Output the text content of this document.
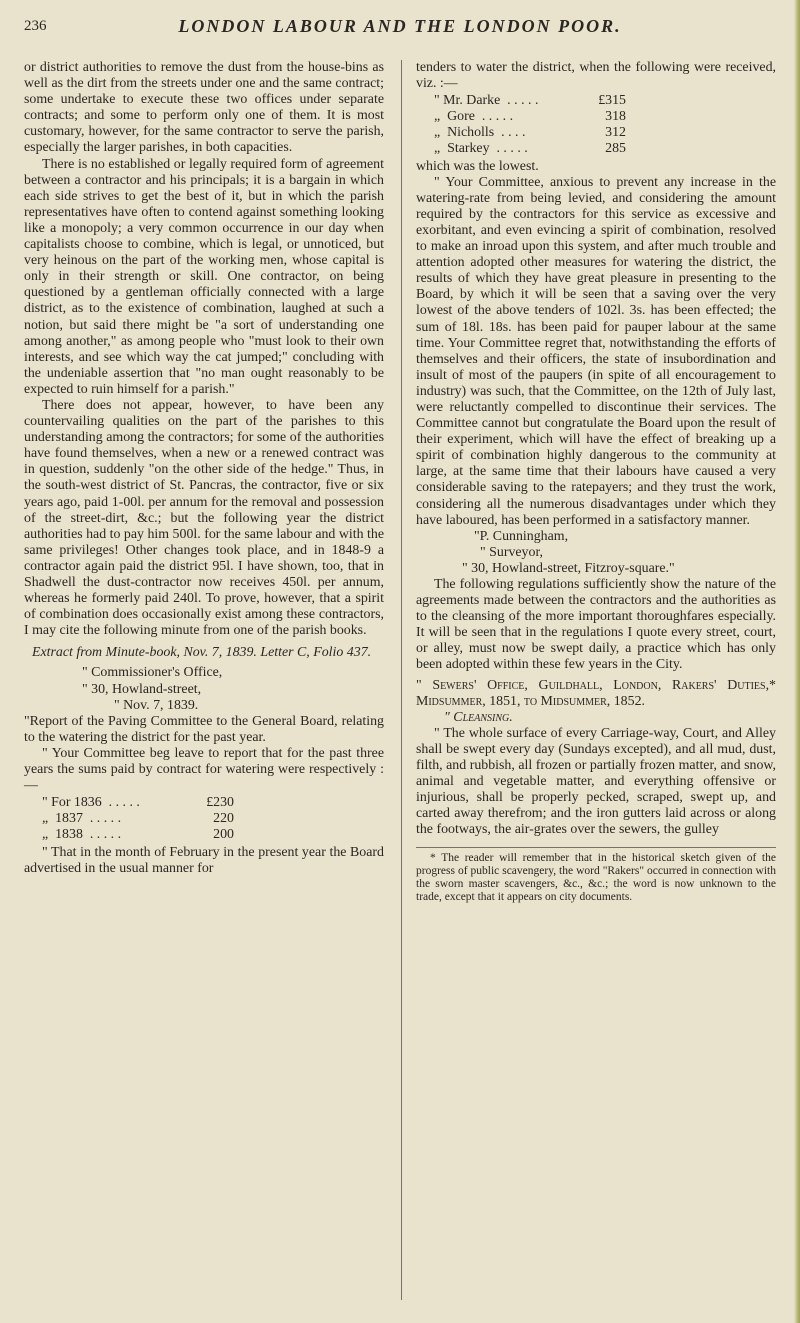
236	LONDON LABOUR AND THE LONDON POOR.

or district authorities to remove the dust from the house-bins as well as the dirt from the streets under one and the same contract; some undertake to execute these two offices under separate contracts; and some to perform only one of them. It is most customary, however, for the same contractor to serve the parish, especially the larger parishes, in both capacities.

There is no established or legally required form of agreement between a contractor and his principals; it is a bargain in which each side strives to get the best of it, but in which the parish representatives have often to contend against something looking like a monopoly; a very common occurrence in our day when capitalists choose to combine, which is legal, or unnoticed, but very heinous on the part of the working men, whose capital is only in their strength or skill. One contractor, on being questioned by a gentleman officially connected with a large district, as to the existence of combination, laughed at such a notion, but said there might be "a sort of understanding one among another," as among people who "must look to their own interests, and see which way the cat jumped;" concluding with the undeniable assertion that "no man ought reasonably to be expected to ruin himself for a parish."

There does not appear, however, to have been any countervailing qualities on the part of the parishes to this understanding among the contractors; for some of the authorities have found themselves, when a new or a renewed contract was in question, suddenly "on the other side of the hedge." Thus, in the south-west district of St. Pancras, the contractor, five or six years ago, paid 1-00l. per annum for the removal and possession of the street-dirt, &c.; but the following year the district authorities had to pay him 500l. for the same labour and with the same privileges! Other changes took place, and in 1848-9 a contractor again paid the district 95l. I have shown, too, that in Shadwell the dust-contractor now receives 450l. per annum, whereas he formerly paid 240l. To prove, however, that a spirit of combination does occasionally exist among these contractors, I may cite the following minute from one of the parish books.

Extract from Minute-book, Nov. 7, 1839. Letter C, Folio 437.

" Commissioner's Office,
" 30, Howland-street,
" Nov. 7, 1839.

"Report of the Paving Committee to the General Board, relating to the watering the district for the past year.

" Your Committee beg leave to report that for the past three years the sums paid by contract for watering were respectively :—

" For 1836  . . . . .	£230
„  1837  . . . . .	220
„  1838  . . . . .	200

" That in the month of February in the present year the Board advertised in the usual manner for

tenders to water the district, when the following were received, viz. :—

" Mr. Darke  . . . . .	£315
„  Gore  . . . . .	318
„  Nicholls  . . . .	312
„  Starkey  . . . . .	285

which was the lowest.

" Your Committee, anxious to prevent any increase in the watering-rate from being levied, and considering the amount required by the contractors for this service as excessive and exorbitant, and even evincing a spirit of combination, resolved to make an inroad upon this system, and after much trouble and attention adopted other measures for watering the district, the results of which they have great pleasure in presenting to the Board, by which it will be seen that a saving over the very lowest of the above tenders of 102l. 3s. has been effected; the sum of 18l. 18s. has been paid for pauper labour at the same time. Your Committee regret that, notwithstanding the efforts of themselves and their officers, the state of insubordination and insult of most of the paupers (in spite of all encouragement to industry) was such, that the Committee, on the 12th of July last, were reluctantly compelled to discontinue their services. The Committee cannot but congratulate the Board upon the result of their experiment, which will have the effect of breaking up a spirit of combination highly dangerous to the community at large, at the same time that their labours have caused a very considerable saving to the ratepayers; and they trust the work, considering all the numerous disadvantages under which they have laboured, has been performed in a satisfactory manner.

"P. Cunningham,
" Surveyor,
" 30, Howland-street, Fitzroy-square."

The following regulations sufficiently show the nature of the agreements made between the contractors and the authorities as to the cleansing of the more important thoroughfares especially. It will be seen that in the regulations I quote every street, court, or alley, must now be swept daily, a practice which has only been adopted within these few years in the City.

" Sewers' Office, Guildhall, London, Rakers' Duties,* Midsummer, 1851, to Midsummer, 1852.

" Cleansing.

" The whole surface of every Carriage-way, Court, and Alley shall be swept every day (Sundays excepted), and all mud, dust, filth, and rubbish, all frozen or partially frozen matter, and snow, animal and vegetable matter, and everything offensive or injurious, shall be properly pecked, scraped, swept up, and carted away therefrom; and the iron gutters laid across or along the footways, the air-grates over the sewers, the gulley

* The reader will remember that in the historical sketch given of the progress of public scavengery, the word "Rakers" occurred in connection with the sworn master scavengers, &c., &c.; the word is now unknown to the trade, except that it appears on city documents.
